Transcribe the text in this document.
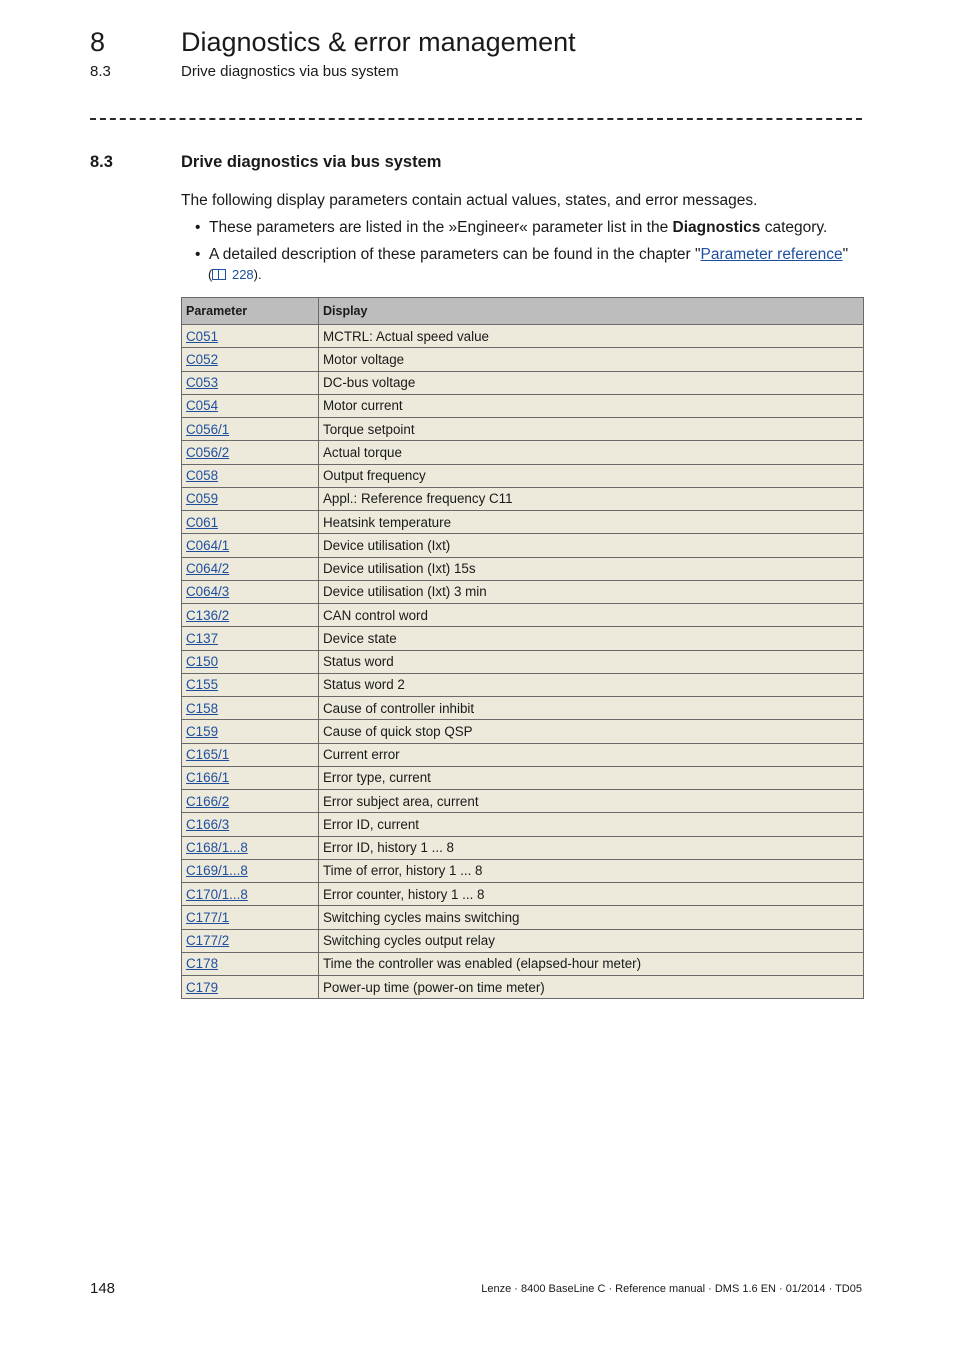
8	Diagnostics & error management
8.3	Drive diagnostics via bus system
8.3	Drive diagnostics via bus system
The following display parameters contain actual values, states, and error messages.
• These parameters are listed in the »Engineer« parameter list in the Diagnostics category.
• A detailed description of these parameters can be found in the chapter "Parameter reference"
( 228).
Parameter	Display
C051	MCTRL: Actual speed value
C052	Motor voltage
C053	DC-bus voltage
C054	Motor current
C056/1	Torque setpoint
C056/2	Actual torque
C058	Output frequency
C059	Appl.: Reference frequency C11
C061	Heatsink temperature
C064/1	Device utilisation (Ixt)
C064/2	Device utilisation (Ixt) 15s
C064/3	Device utilisation (Ixt) 3 min
C136/2	CAN control word
C137	Device state
C150	Status word
C155	Status word 2
C158	Cause of controller inhibit
C159	Cause of quick stop QSP
C165/1	Current error
C166/1	Error type, current
C166/2	Error subject area, current
C166/3	Error ID, current
C168/1...8	Error ID, history 1 ... 8
C169/1...8	Time of error, history 1 ... 8
C170/1...8	Error counter, history 1 ... 8
C177/1	Switching cycles mains switching
C177/2	Switching cycles output relay
C178	Time the controller was enabled (elapsed-hour meter)
C179	Power-up time (power-on time meter)
148	Lenze · 8400 BaseLine C · Reference manual · DMS 1.6 EN · 01/2014 · TD05
